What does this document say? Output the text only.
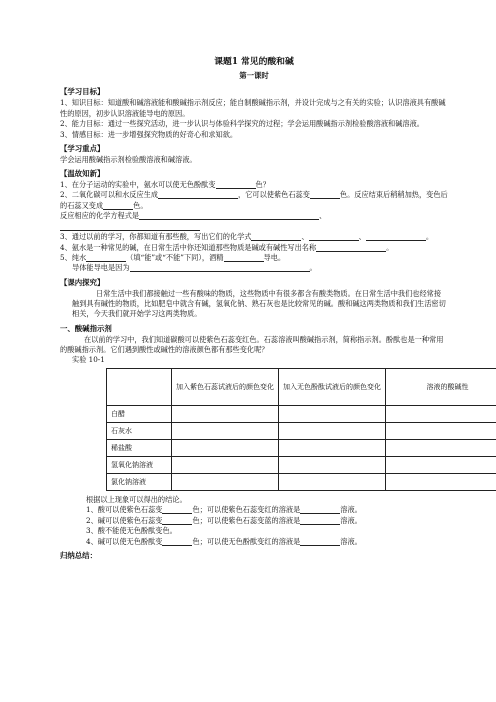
课题1 常见的酸和碱
第一课时
【学习目标】

1、知识目标：知道酸和碱溶液能和酸碱指示剂反应；能自制酸碱指示剂，并设计完成与之有关的实验；认识溶液具有酸碱性的原因，初步认识溶液能导电的原因。

2、能力目标：通过一些探究活动，进一步认识与体验科学探究的过程；学会运用酸碱指示剂检验酸溶液和碱溶液。

3、情感目标：进一步增强探究物质的好奇心和求知欲。

【学习重点】

学会运用酸碱指示剂检验酸溶液和碱溶液。

【温故知新】

1、在分子运动的实验中，氨水可以使无色酚酞变	色？

2、二氧化碳可以和水反应生成	，它可以使紫色石蕊变	色。反应结束后稍稍加热，变色后的石蕊又变成	色。

反应相应的化学方程式是	、

3、通过以前的学习，你都知道有那些酸，写出它们的化学式	、	、	。

4、氨水是一种常见的碱，在日常生活中你还知道那些物质是碱或有碱性写出名称	。

5、纯水	（填“能”或“不能”下同），酒精	导电。

导体能导电是因为	。

【课内探究】

日常生活中我们都接触过一些有酸味的物质，这些物质中有很多都含有酸类物质。在日常生活中我们也经常接触到具有碱性的物质，比如肥皂中就含有碱，氢氧化钠、熟石灰也是比较常见的碱。酸和碱这两类物质和我们生活密切相关，今天我们就开始学习这两类物质。

一、酸碱指示剂

在以前的学习中，我们知道碳酸可以使紫色石蕊变红色。石蕊溶液叫酸碱指示剂，简称指示剂。酚酞也是一种常用的酸碱指示剂。它们遇到酸性或碱性的溶液颜色都有那些变化呢？

实验 10-1

	加入紫色石蕊试液后的颜色变化	加入无色酚酞试液后的颜色变化	溶液的酸碱性
白醋			
石灰水			
稀盐酸			
氢氧化钠溶液			
氯化钠溶液			

根据以上现象可以得出的结论。

1、酸可以使紫色石蕊变	色；可以使紫色石蕊变红的溶液是	溶液。

2、碱可以使紫色石蕊变	色；可以使紫色石蕊变蓝的溶液是	溶液。

3、酸不能使无色酚酞变色。

4、碱可以使无色酚酞变	色；可以使无色酚酞变红的溶液是	溶液。

归纳总结：
